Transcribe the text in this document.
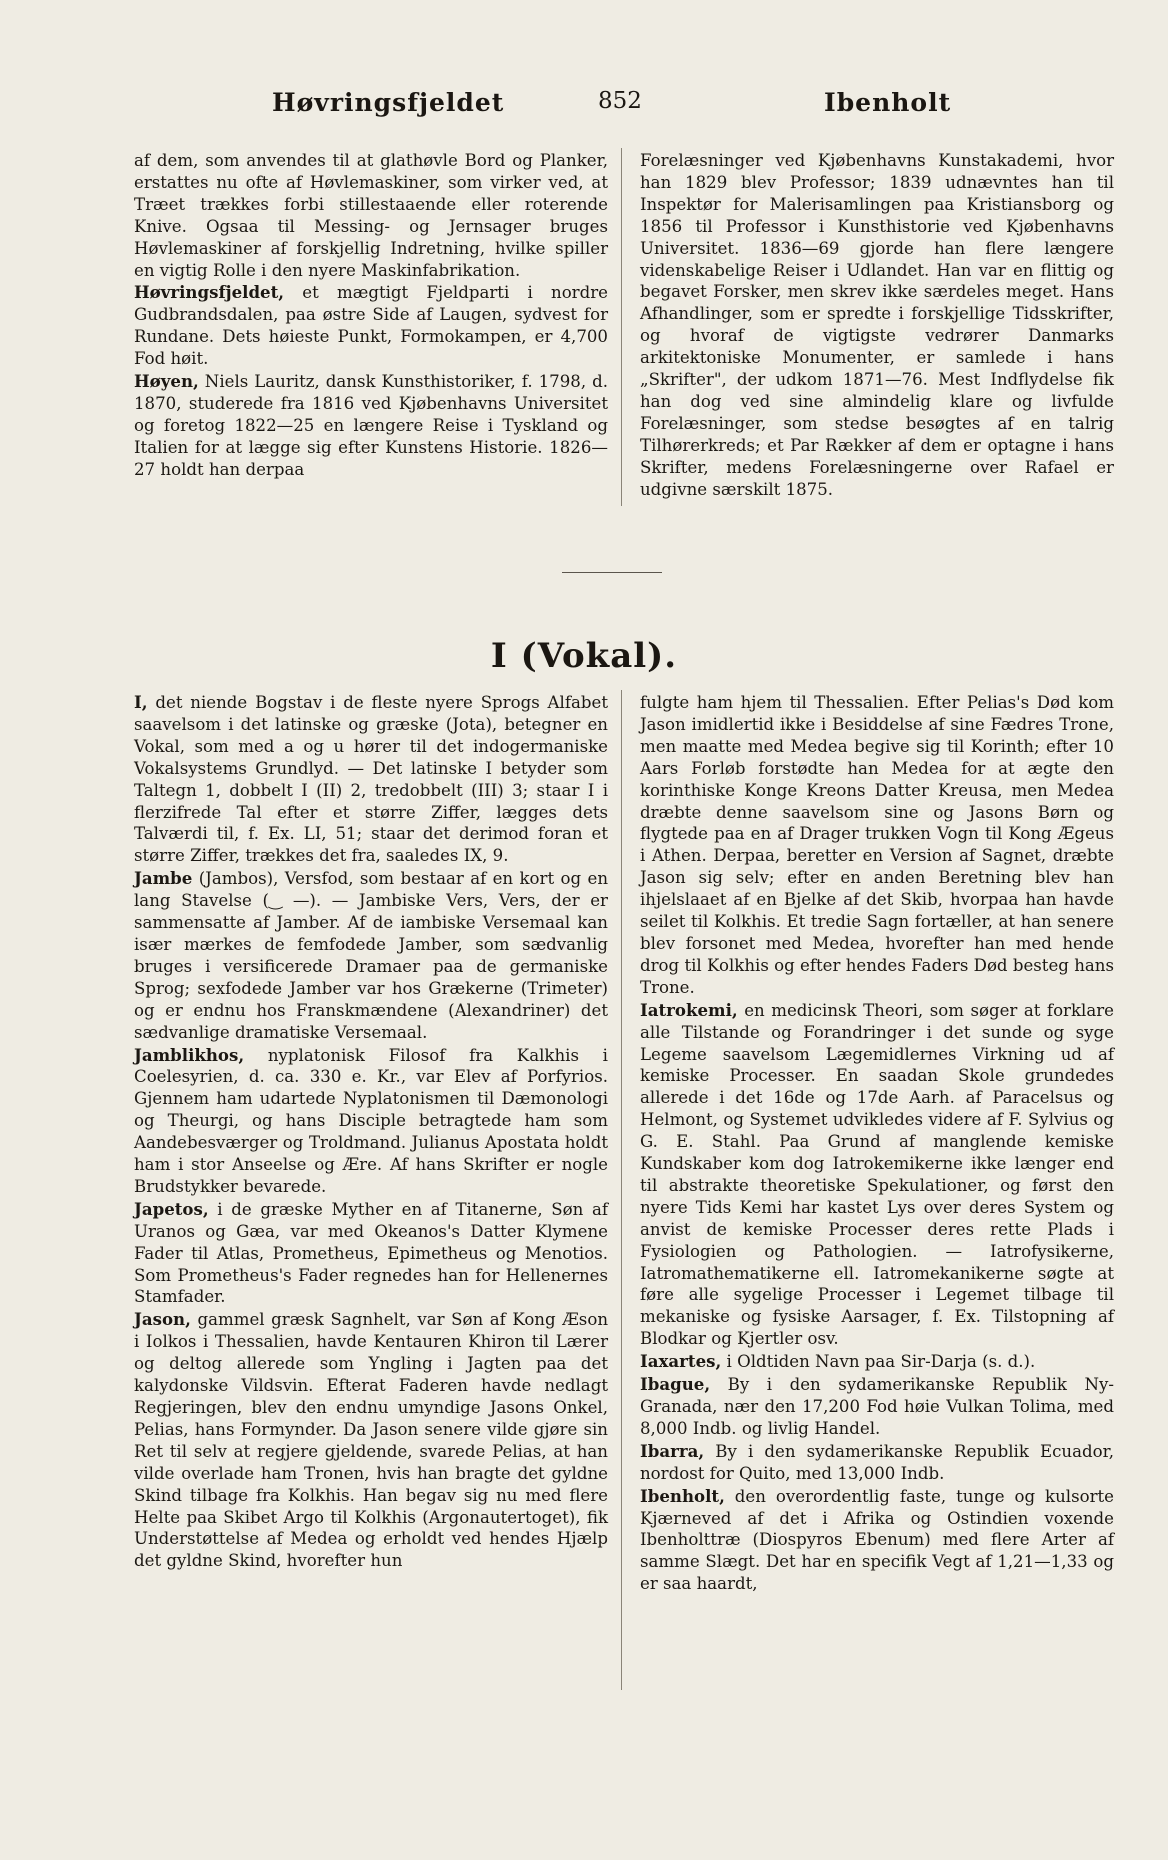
Høvringsfjeldet	852	Ibenholt

af dem, som anvendes til at glathøvle Bord og Planker, erstattes nu ofte af Høvlemaskiner, som virker ved, at Træet trækkes forbi stillestaaende eller roterende Knive. Ogsaa til Messing- og Jernsager bruges Høvlemaskiner af forskjellig Indretning, hvilke spiller en vigtig Rolle i den nyere Maskinfabrikation.

Høvringsfjeldet, et mægtigt Fjeldparti i nordre Gudbrandsdalen, paa østre Side af Laugen, sydvest for Rundane. Dets høieste Punkt, Formokampen, er 4,700 Fod høit.

Høyen, Niels Lauritz, dansk Kunsthistoriker, f. 1798, d. 1870, studerede fra 1816 ved Kjøbenhavns Universitet og foretog 1822—25 en længere Reise i Tyskland og Italien for at lægge sig efter Kunstens Historie. 1826—27 holdt han derpaa

Forelæsninger ved Kjøbenhavns Kunstakademi, hvor han 1829 blev Professor; 1839 udnævntes han til Inspektør for Malerisamlingen paa Kristiansborg og 1856 til Professor i Kunsthistorie ved Kjøbenhavns Universitet. 1836—69 gjorde han flere længere videnskabelige Reiser i Udlandet. Han var en flittig og begavet Forsker, men skrev ikke særdeles meget. Hans Afhandlinger, som er spredte i forskjellige Tidsskrifter, og hvoraf de vigtigste vedrører Danmarks arkitektoniske Monumenter, er samlede i hans „Skrifter", der udkom 1871—76. Mest Indflydelse fik han dog ved sine almindelig klare og livfulde Forelæsninger, som stedse besøgtes af en talrig Tilhørerkreds; et Par Rækker af dem er optagne i hans Skrifter, medens Forelæsningerne over Rafael er udgivne særskilt 1875.

I (Vokal).

I, det niende Bogstav i de fleste nyere Sprogs Alfabet saavelsom i det latinske og græske (Jota), betegner en Vokal, som med a og u hører til det indogermaniske Vokalsystems Grundlyd. — Det latinske I betyder som Taltegn 1, dobbelt I (II) 2, tredobbelt (III) 3; staar I i flerzifrede Tal efter et større Ziffer, lægges dets Talværdi til, f. Ex. LI, 51; staar det derimod foran et større Ziffer, trækkes det fra, saaledes IX, 9.

Jambe (Jambos), Versfod, som bestaar af en kort og en lang Stavelse (‿ —). — Jambiske Vers, Vers, der er sammensatte af Jamber. Af de iambiske Versemaal kan især mærkes de femfodede Jamber, som sædvanlig bruges i versificerede Dramaer paa de germaniske Sprog; sexfodede Jamber var hos Grækerne (Trimeter) og er endnu hos Franskmændene (Alexandriner) det sædvanlige dramatiske Versemaal.

Jamblikhos, nyplatonisk Filosof fra Kalkhis i Coelesyrien, d. ca. 330 e. Kr., var Elev af Porfyrios. Gjennem ham udartede Nyplatonismen til Dæmonologi og Theurgi, og hans Disciple betragtede ham som Aandebesværger og Troldmand. Julianus Apostata holdt ham i stor Anseelse og Ære. Af hans Skrifter er nogle Brudstykker bevarede.

Japetos, i de græske Myther en af Titanerne, Søn af Uranos og Gæa, var med Okeanos's Datter Klymene Fader til Atlas, Prometheus, Epimetheus og Menotios. Som Prometheus's Fader regnedes han for Hellenernes Stamfader.

Jason, gammel græsk Sagnhelt, var Søn af Kong Æson i Iolkos i Thessalien, havde Kentauren Khiron til Lærer og deltog allerede som Yngling i Jagten paa det kalydonske Vildsvin. Efterat Faderen havde nedlagt Regjeringen, blev den endnu umyndige Jasons Onkel, Pelias, hans Formynder. Da Jason senere vilde gjøre sin Ret til selv at regjere gjeldende, svarede Pelias, at han vilde overlade ham Tronen, hvis han bragte det gyldne Skind tilbage fra Kolkhis. Han begav sig nu med flere Helte paa Skibet Argo til Kolkhis (Argonautertoget), fik Understøttelse af Medea og erholdt ved hendes Hjælp det gyldne Skind, hvorefter hun

fulgte ham hjem til Thessalien. Efter Pelias's Død kom Jason imidlertid ikke i Besiddelse af sine Fædres Trone, men maatte med Medea begive sig til Korinth; efter 10 Aars Forløb forstødte han Medea for at ægte den korinthiske Konge Kreons Datter Kreusa, men Medea dræbte denne saavelsom sine og Jasons Børn og flygtede paa en af Drager trukken Vogn til Kong Ægeus i Athen. Derpaa, beretter en Version af Sagnet, dræbte Jason sig selv; efter en anden Beretning blev han ihjelslaaet af en Bjelke af det Skib, hvorpaa han havde seilet til Kolkhis. Et tredie Sagn fortæller, at han senere blev forsonet med Medea, hvorefter han med hende drog til Kolkhis og efter hendes Faders Død besteg hans Trone.

Iatrokemi, en medicinsk Theori, som søger at forklare alle Tilstande og Forandringer i det sunde og syge Legeme saavelsom Lægemidlernes Virkning ud af kemiske Processer. En saadan Skole grundedes allerede i det 16de og 17de Aarh. af Paracelsus og Helmont, og Systemet udvikledes videre af F. Sylvius og G. E. Stahl. Paa Grund af manglende kemiske Kundskaber kom dog Iatrokemikerne ikke længer end til abstrakte theoretiske Spekulationer, og først den nyere Tids Kemi har kastet Lys over deres System og anvist de kemiske Processer deres rette Plads i Fysiologien og Pathologien. — Iatrofysikerne, Iatromathematikerne ell. Iatromekanikerne søgte at føre alle sygelige Processer i Legemet tilbage til mekaniske og fysiske Aarsager, f. Ex. Tilstopning af Blodkar og Kjertler osv.

Iaxartes, i Oldtiden Navn paa Sir-Darja (s. d.).

Ibague, By i den sydamerikanske Republik Ny-Granada, nær den 17,200 Fod høie Vulkan Tolima, med 8,000 Indb. og livlig Handel.

Ibarra, By i den sydamerikanske Republik Ecuador, nordost for Quito, med 13,000 Indb.

Ibenholt, den overordentlig faste, tunge og kulsorte Kjærneved af det i Afrika og Ostindien voxende Ibenholttræ (Diospyros Ebenum) med flere Arter af samme Slægt. Det har en specifik Vegt af 1,21—1,33 og er saa haardt,
